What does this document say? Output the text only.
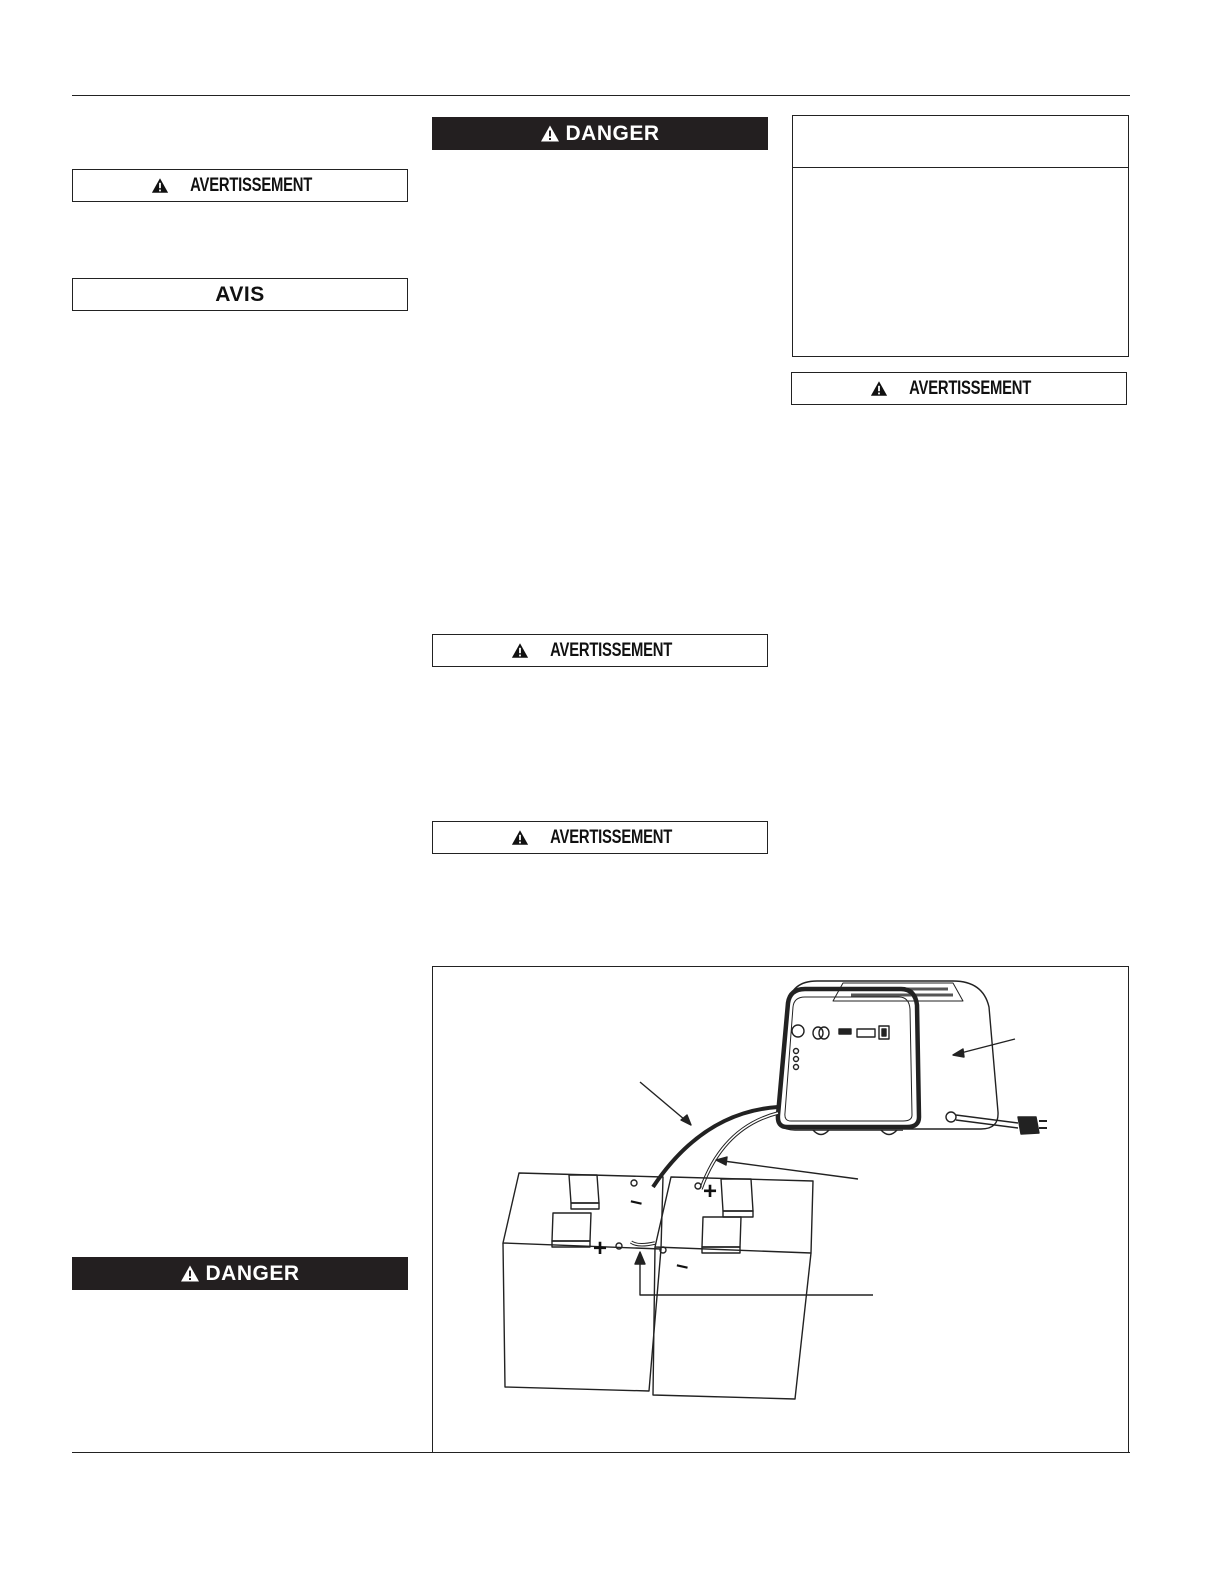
AVERTISSEMENT
AVIS
DANGER
DANGER
AVERTISSEMENT
AVERTISSEMENT
AVERTISSEMENT
–
+
+
–
